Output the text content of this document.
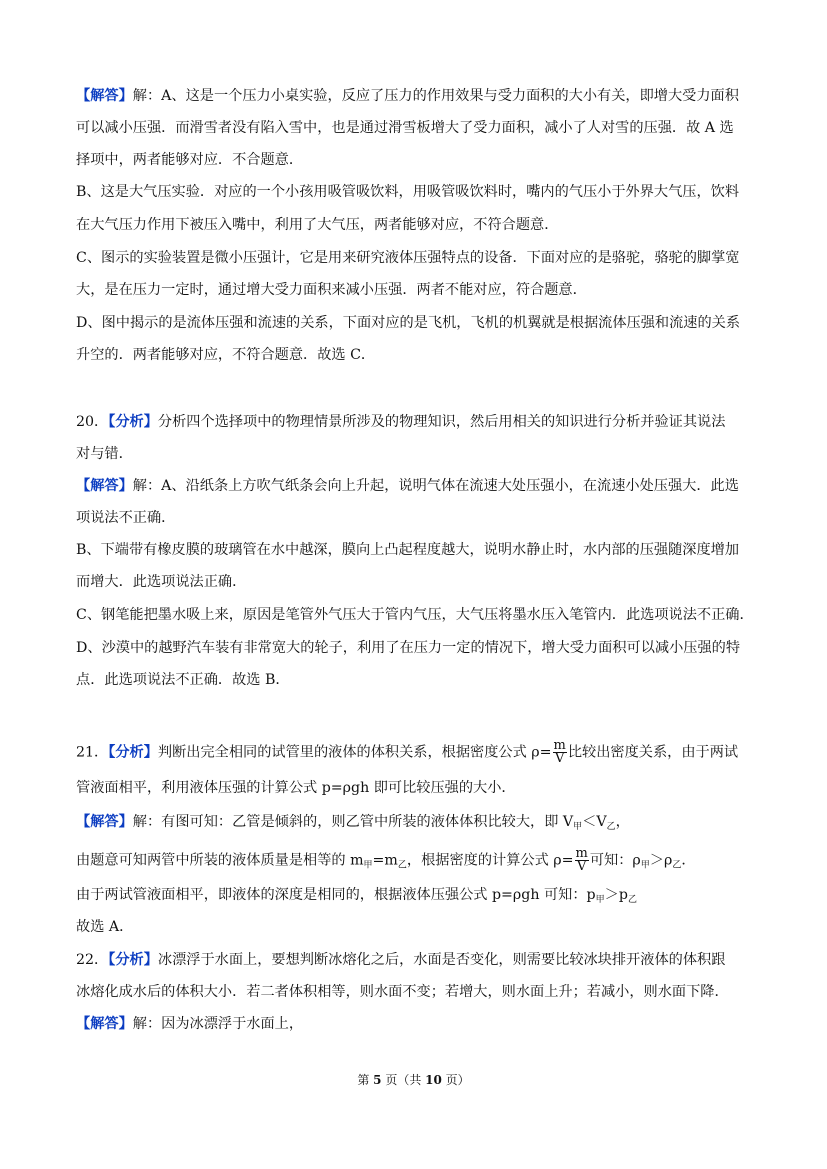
【解答】解：A、这是一个压力小桌实验，反应了压力的作用效果与受力面积的大小有关，即增大受力面积
可以减小压强．而滑雪者没有陷入雪中，也是通过滑雪板增大了受力面积，减小了人对雪的压强．故 A 选
择项中，两者能够对应．不合题意．
B、这是大气压实验．对应的一个小孩用吸管吸饮料，用吸管吸饮料时，嘴内的气压小于外界大气压，饮料
在大气压力作用下被压入嘴中，利用了大气压，两者能够对应，不符合题意．
C、图示的实验装置是微小压强计，它是用来研究液体压强特点的设备．下面对应的是骆驼，骆驼的脚掌宽
大，是在压力一定时，通过增大受力面积来减小压强．两者不能对应，符合题意．
D、图中揭示的是流体压强和流速的关系，下面对应的是飞机，飞机的机翼就是根据流体压强和流速的关系
升空的．两者能够对应，不符合题意．故选 C．
20．【分析】分析四个选择项中的物理情景所涉及的物理知识，然后用相关的知识进行分析并验证其说法
对与错．
【解答】解：A、沿纸条上方吹气纸条会向上升起，说明气体在流速大处压强小，在流速小处压强大．此选
项说法不正确．
B、下端带有橡皮膜的玻璃管在水中越深，膜向上凸起程度越大，说明水静止时，水内部的压强随深度增加
而增大．此选项说法正确．
C、钢笔能把墨水吸上来，原因是笔管外气压大于管内气压，大气压将墨水压入笔管内．此选项说法不正确．
D、沙漠中的越野汽车装有非常宽大的轮子，利用了在压力一定的情况下，增大受力面积可以减小压强的特
点．此选项说法不正确．故选 B．
21．【分析】判断出完全相同的试管里的液体的体积关系，根据密度公式 $\rho= \frac{m}{V}$ 比较出密度关系，由于两试
管液面相平，利用液体压强的计算公式 p=ρgh 即可比较压强的大小．
【解答】解：有图可知：乙管是倾斜的，则乙管中所装的液体体积比较大，即 $V_甲<V_乙$，
由题意可知两管中所装的液体质量是相等的 $m_甲=m_乙$，根据密度的计算公式 $\rho= \frac{m}{V}$ 可知：$\rho_甲>\rho_乙$．
由于两试管液面相平，即液体的深度是相同的，根据液体压强公式 p=ρgh 可知：$p_甲>p_乙$
故选 A．
22．【分析】冰漂浮于水面上，要想判断冰熔化之后，水面是否变化，则需要比较冰块排开液体的体积跟
冰熔化成水后的体积大小．若二者体积相等，则水面不变；若增大，则水面上升；若减小，则水面下降．
【解答】解：因为冰漂浮于水面上，
第 5 页（共 10 页）
